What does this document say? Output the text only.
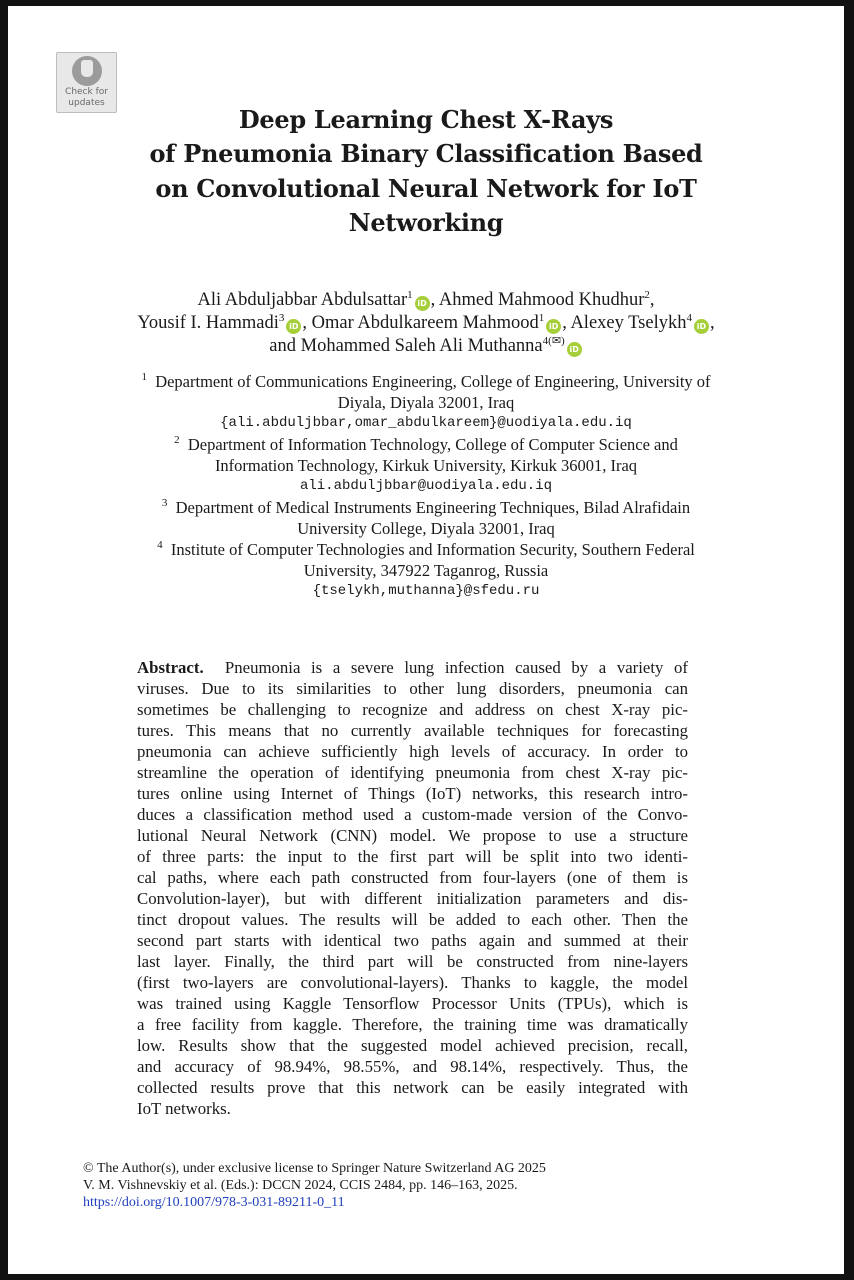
Check for
updates
Deep Learning Chest X-Rays
of Pneumonia Binary Classification Based
on Convolutional Neural Network for IoT
Networking
Ali Abduljabbar Abdulsattar$^1$iD , Ahmed Mahmood Khudhur$^2$,
Yousif I. Hammadi$^3$iD , Omar Abdulkareem Mahmood$^1$iD , Alexey Tselykh$^4$iD ,
and Mohammed Saleh Ali Muthanna$^{4(✉)}$iD
$^1$ Department of Communications Engineering, College of Engineering, University of
Diyala, Diyala 32001, Iraq
{ali.abduljbbar,omar_abdulkareem}@uodiyala.edu.iq
$^2$ Department of Information Technology, College of Computer Science and
Information Technology, Kirkuk University, Kirkuk 36001, Iraq
ali.abduljbbar@uodiyala.edu.iq
$^3$ Department of Medical Instruments Engineering Techniques, Bilad Alrafidain
University College, Diyala 32001, Iraq
$^4$ Institute of Computer Technologies and Information Security, Southern Federal
University, 347922 Taganrog, Russia
{tselykh,muthanna}@sfedu.ru
Abstract. Pneumonia is a severe lung infection caused by a variety of
viruses. Due to its similarities to other lung disorders, pneumonia can
sometimes be challenging to recognize and address on chest X-ray pic-
tures. This means that no currently available techniques for forecasting
pneumonia can achieve sufficiently high levels of accuracy. In order to
streamline the operation of identifying pneumonia from chest X-ray pic-
tures online using Internet of Things (IoT) networks, this research intro-
duces a classification method used a custom-made version of the Convo-
lutional Neural Network (CNN) model. We propose to use a structure
of three parts: the input to the first part will be split into two identi-
cal paths, where each path constructed from four-layers (one of them is
Convolution-layer), but with different initialization parameters and dis-
tinct dropout values. The results will be added to each other. Then the
second part starts with identical two paths again and summed at their
last layer. Finally, the third part will be constructed from nine-layers
(first two-layers are convolutional-layers). Thanks to kaggle, the model
was trained using Kaggle Tensorflow Processor Units (TPUs), which is
a free facility from kaggle. Therefore, the training time was dramatically
low. Results show that the suggested model achieved precision, recall,
and accuracy of 98.94%, 98.55%, and 98.14%, respectively. Thus, the
collected results prove that this network can be easily integrated with
IoT networks.
© The Author(s), under exclusive license to Springer Nature Switzerland AG 2025
V. M. Vishnevskiy et al. (Eds.): DCCN 2024, CCIS 2484, pp. 146–163, 2025.
https://doi.org/10.1007/978-3-031-89211-0_11
